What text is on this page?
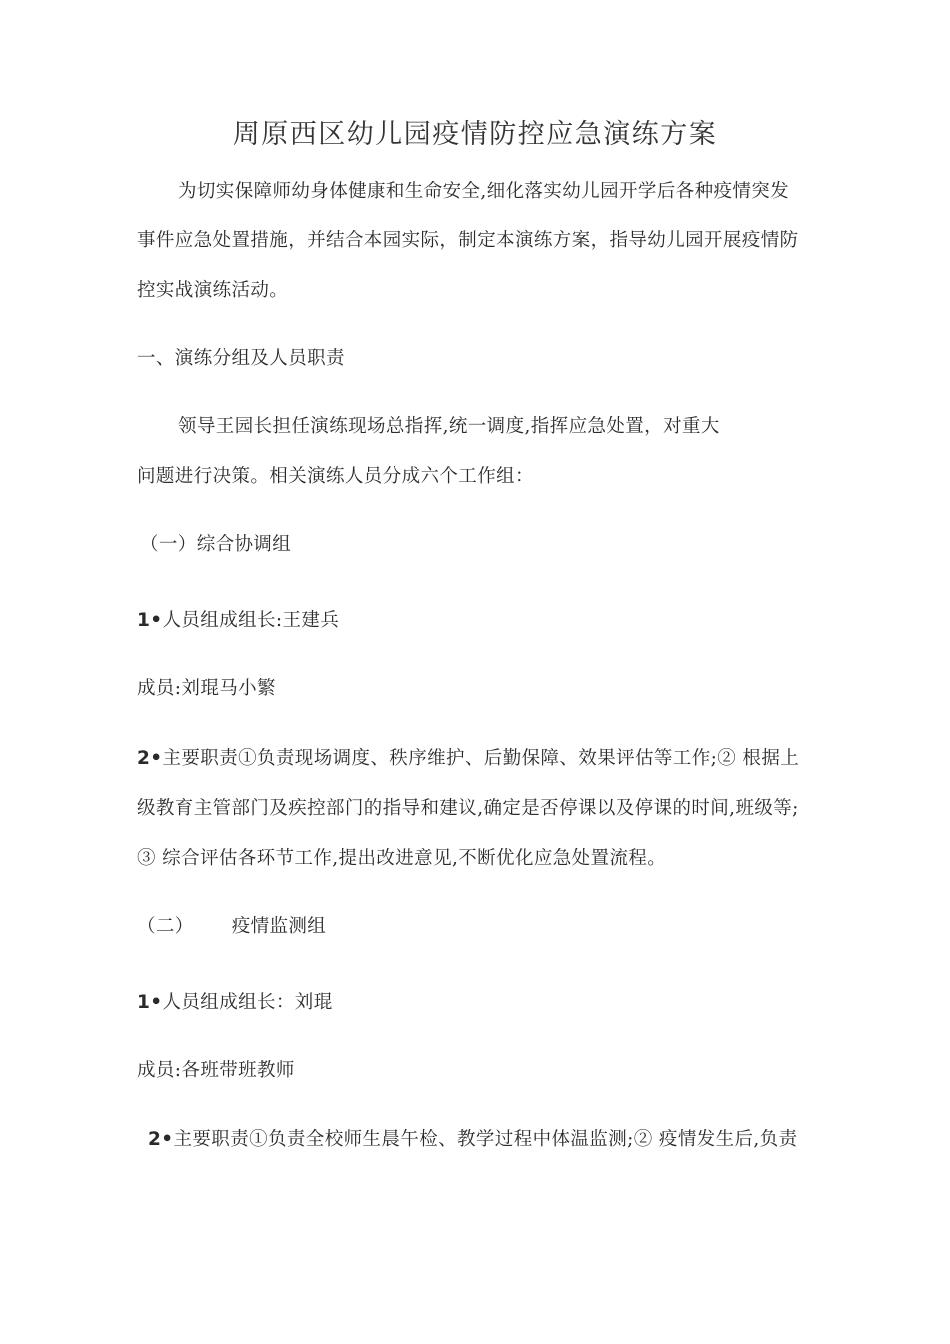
周原西区幼儿园疫情防控应急演练方案
为切实保障师幼身体健康和生命安全,细化落实幼儿园开学后各种疫情突发
事件应急处置措施，并结合本园实际，制定本演练方案，指导幼儿园开展疫情防
控实战演练活动。
一、演练分组及人员职责
领导王园长担任演练现场总指挥,统一调度,指挥应急处置，对重大
问题进行决策。相关演练人员分成六个工作组：
（一）综合协调组
1•人员组成组长:王建兵
成员:刘琨马小繁
2•主要职责①负责现场调度、秩序维护、后勤保障、效果评估等工作;② 根据上
级教育主管部门及疾控部门的指导和建议,确定是否停课以及停课的时间,班级等;
③ 综合评估各环节工作,提出改进意见,不断优化应急处置流程。
（二） 疫情监测组
1•人员组成组长：刘琨
成员:各班带班教师
2•主要职责①负责全校师生晨午检、教学过程中体温监测;② 疫情发生后,负责
